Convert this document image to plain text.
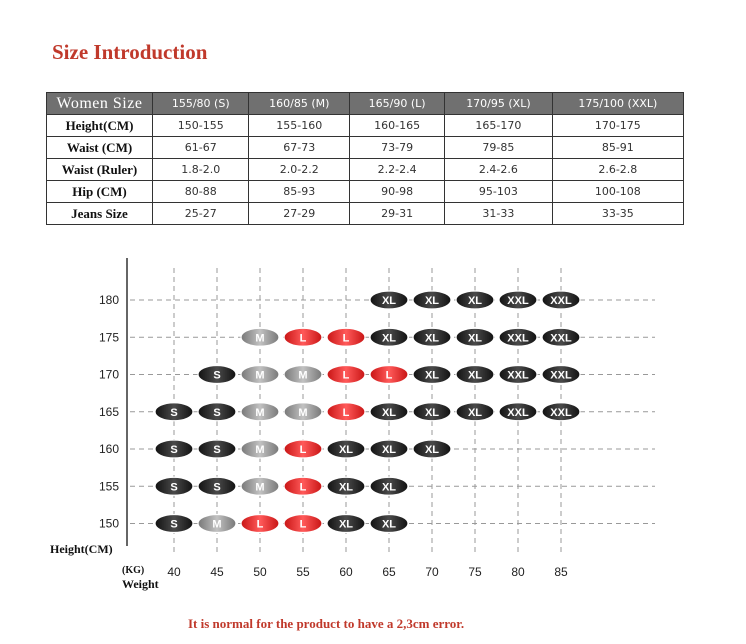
Size Introduction
Women Size	155/80 (S)	160/85 (M)	165/90 (L)	170/95 (XL)	175/100 (XXL)
Height(CM)	150-155	155-160	160-165	165-170	170-175
Waist (CM)	61-67	67-73	73-79	79-85	85-91
Waist (Ruler)	1.8-2.0	2.0-2.2	2.2-2.4	2.4-2.6	2.6-2.8
Hip (CM)	80-88	85-93	90-98	95-103	100-108
Jeans Size	25-27	27-29	29-31	31-33	33-35
150
155
160
165
170
175
180
40 45 50 55 60 65 70 75 80 85
XL	XL	XL XXL XXL
M	L	L	XL	XL	XL XXL XXL
S	M	M	L	L	XL	XL XXL XXL
S	S	M	M	L	XL	XL	XL XXL XXL
S	S	M	L	XL	XL	XL
S	S	M	L	XL	XL
S	M	L	L	XL	XL
Height(CM)
(KG)
Weight
It is normal for the product to have a 2,3cm error.
